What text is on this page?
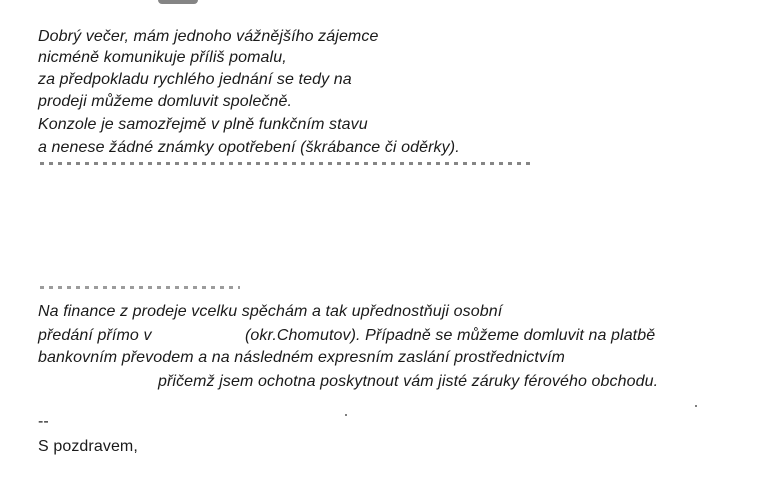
Dobrý večer, mám jednoho vážnějšího zájemce
nicméně komunikuje příliš pomalu,
za předpokladu rychlého jednání se tedy na
prodeji můžeme domluvit společně.
Konzole je samozřejmě v plně funkčním stavu
a nenese žádné známky opotřebení (škrábance či oděrky).
Na finance z prodeje vcelku spěchám a tak upřednostňuji osobní
předání přímo v	(okr.Chomutov). Případně se můžeme domluvit na platbě
bankovním převodem a na následném expresním zaslání prostřednictvím
přičemž jsem ochotna poskytnout vám jisté záruky férového obchodu.
--
S pozdravem,
